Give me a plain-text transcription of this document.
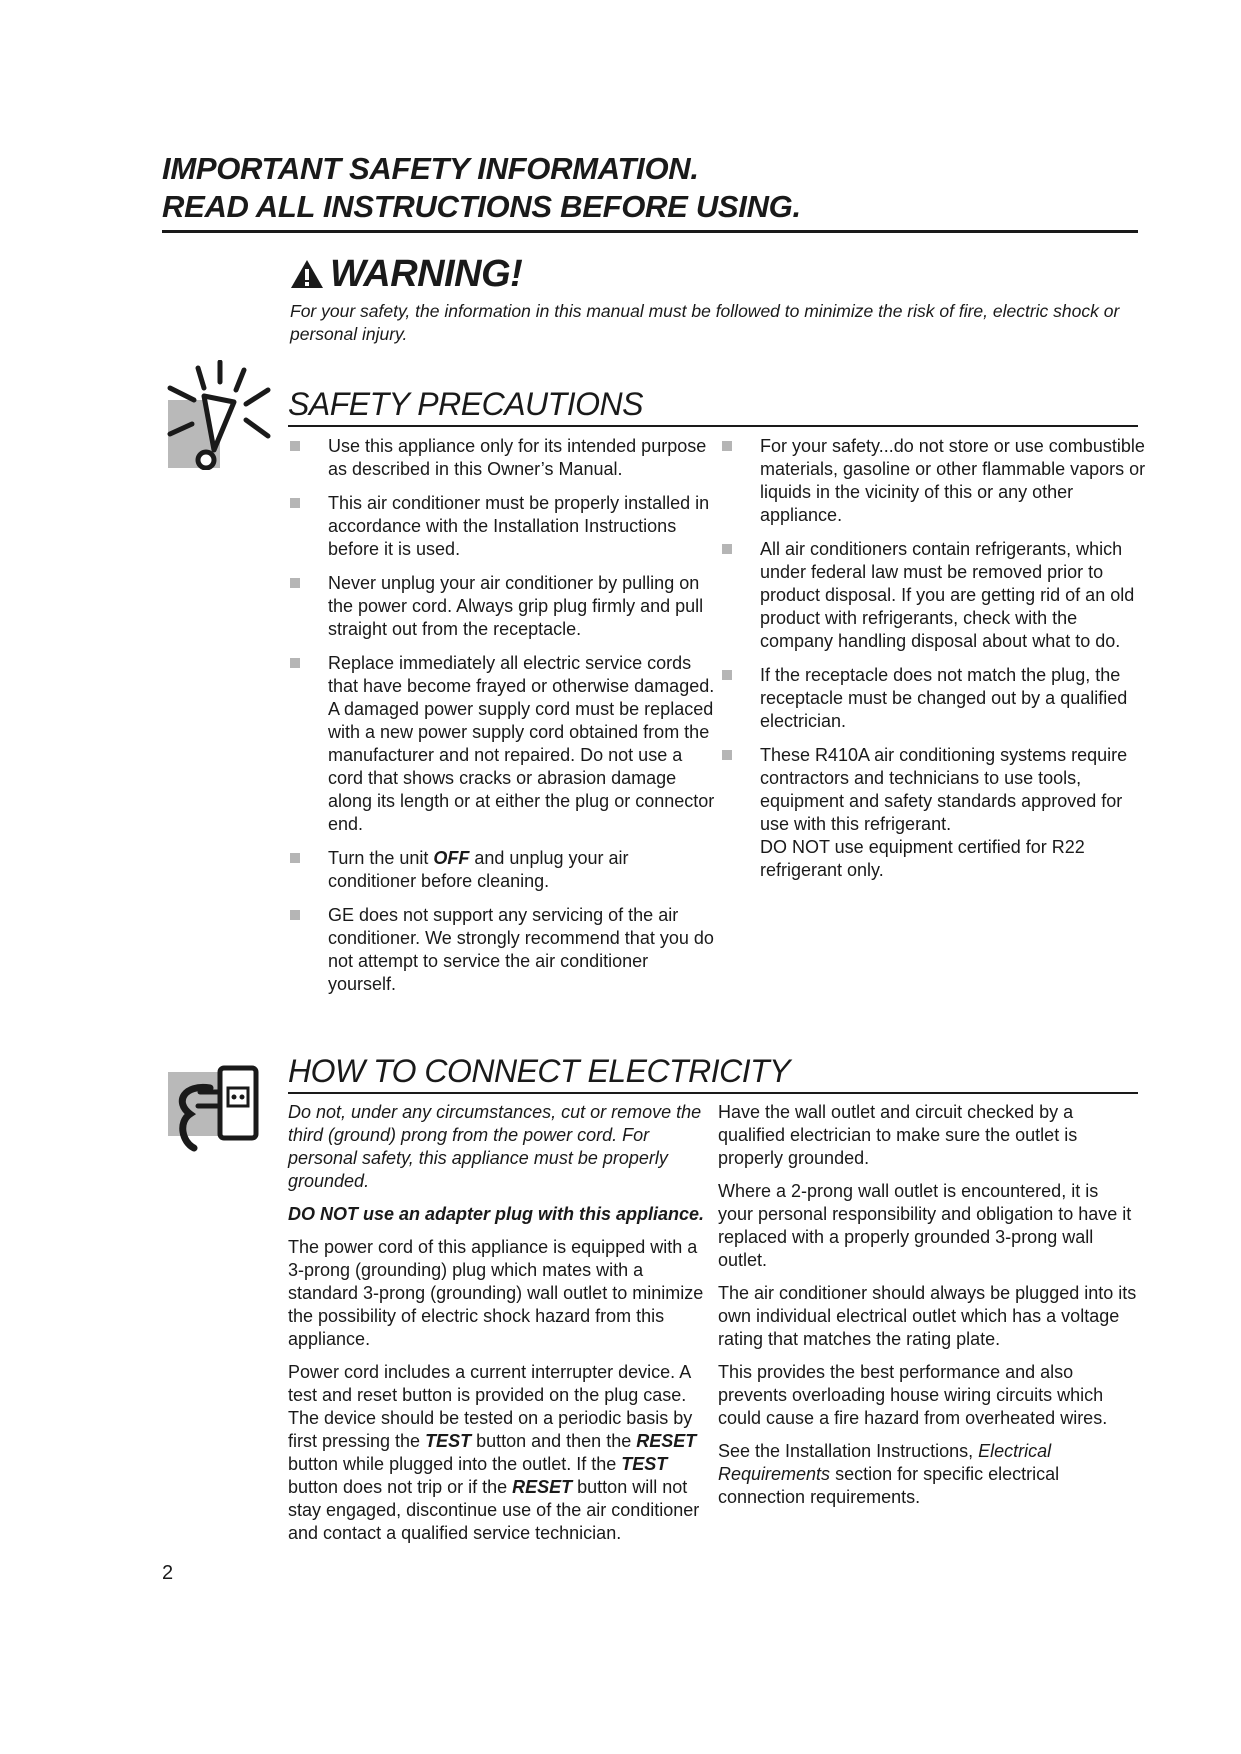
IMPORTANT SAFETY INFORMATION.
READ ALL INSTRUCTIONS BEFORE USING.
WARNING!
For your safety, the information in this manual must be followed to minimize the risk of fire, electric shock or personal injury.
SAFETY PRECAUTIONS
Use this appliance only for its intended purpose as described in this Owner’s Manual.
This air conditioner must be properly installed in accordance with the Installation Instructions before it is used.
Never unplug your air conditioner by pulling on the power cord. Always grip plug firmly and pull straight out from the receptacle.
Replace immediately all electric service cords that have become frayed or otherwise damaged. A damaged power supply cord must be replaced with a new power supply cord obtained from the manufacturer and not repaired. Do not use a cord that shows cracks or abrasion damage along its length or at either the plug or connector end.
Turn the unit OFF and unplug your air conditioner before cleaning.
GE does not support any servicing of the air conditioner. We strongly recommend that you do not attempt to service the air conditioner yourself.
For your safety...do not store or use combustible materials, gasoline or other flammable vapors or liquids in the vicinity of this or any other appliance.
All air conditioners contain refrigerants, which under federal law must be removed prior to product disposal. If you are getting rid of an old product with refrigerants, check with the company handling disposal about what to do.
If the receptacle does not match the plug, the receptacle must be changed out by a qualified electrician.
These R410A air conditioning systems require contractors and technicians to use tools, equipment and safety standards approved for use with this refrigerant.
DO NOT use equipment certified for R22 refrigerant only.
HOW TO CONNECT ELECTRICITY

Do not, under any circumstances, cut or remove the third (ground) prong from the power cord. For personal safety, this appliance must be properly grounded.

DO NOT use an adapter plug with this appliance.

The power cord of this appliance is equipped with a 3-prong (grounding) plug which mates with a standard 3-prong (grounding) wall outlet to minimize the possibility of electric shock hazard from this appliance.

Power cord includes a current interrupter device. A test and reset button is provided on the plug case. The device should be tested on a periodic basis by first pressing the TEST button and then the RESET button while plugged into the outlet. If the TEST button does not trip or if the RESET button will not stay engaged, discontinue use of the air conditioner and contact a qualified service technician.

Have the wall outlet and circuit checked by a qualified electrician to make sure the outlet is properly grounded.

Where a 2-prong wall outlet is encountered, it is your personal responsibility and obligation to have it replaced with a properly grounded 3-prong wall outlet.

The air conditioner should always be plugged into its own individual electrical outlet which has a voltage rating that matches the rating plate.

This provides the best performance and also prevents overloading house wiring circuits which could cause a fire hazard from overheated wires.

See the Installation Instructions, Electrical Requirements section for specific electrical connection requirements.

2
